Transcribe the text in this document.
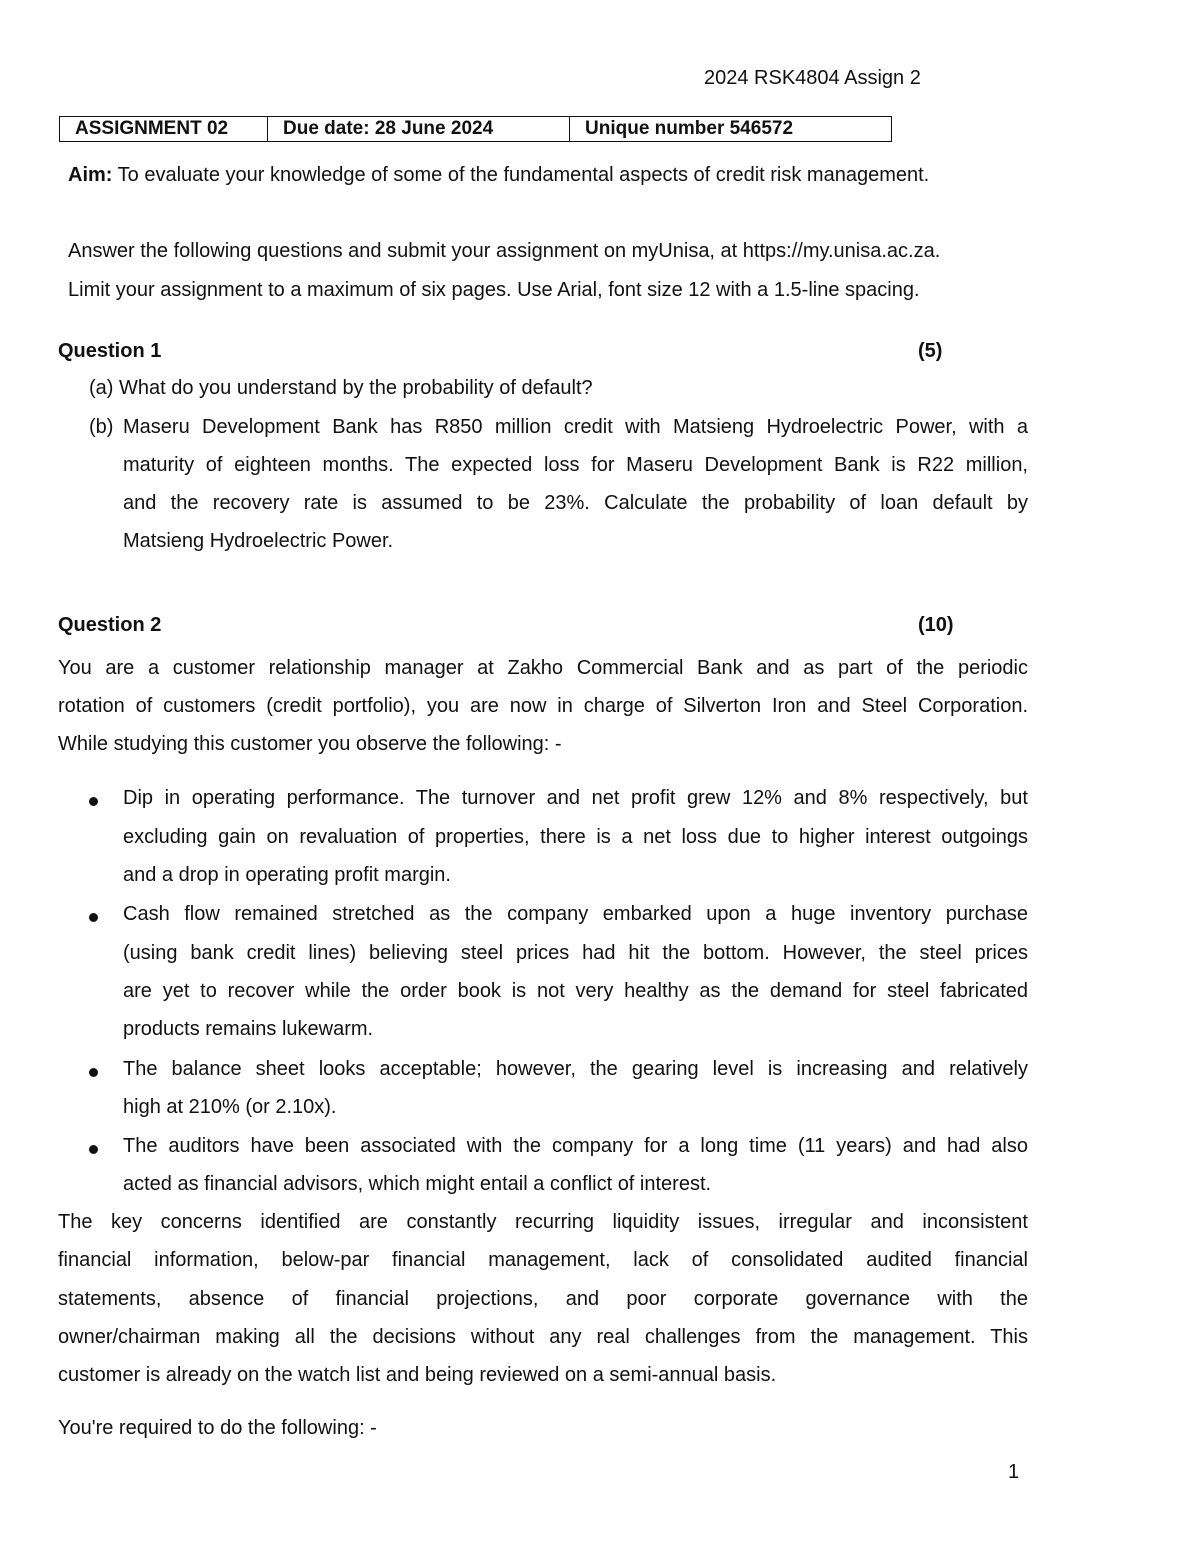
2024 RSK4804 Assign 2
ASSIGNMENT 02	Due date: 28 June 2024	Unique number 546572
Aim: To evaluate your knowledge of some of the fundamental aspects of credit risk management.
Answer the following questions and submit your assignment on myUnisa, at https://my.unisa.ac.za.
Limit your assignment to a maximum of six pages. Use Arial, font size 12 with a 1.5-line spacing.
Question 1	(5)
(a) What do you understand by the probability of default?
(b) Maseru Development Bank has R850 million credit with Matsieng Hydroelectric Power, with a
maturity of eighteen months. The expected loss for Maseru Development Bank is R22 million,
and the recovery rate is assumed to be 23%. Calculate the probability of loan default by
Matsieng Hydroelectric Power.
Question 2	(10)
You are a customer relationship manager at Zakho Commercial Bank and as part of the periodic
rotation of customers (credit portfolio), you are now in charge of Silverton Iron and Steel Corporation.
While studying this customer you observe the following: -
Dip in operating performance. The turnover and net profit grew 12% and 8% respectively, but
excluding gain on revaluation of properties, there is a net loss due to higher interest outgoings
and a drop in operating profit margin.
Cash flow remained stretched as the company embarked upon a huge inventory purchase
(using bank credit lines) believing steel prices had hit the bottom. However, the steel prices
are yet to recover while the order book is not very healthy as the demand for steel fabricated
products remains lukewarm.
The balance sheet looks acceptable; however, the gearing level is increasing and relatively
high at 210% (or 2.10x).
The auditors have been associated with the company for a long time (11 years) and had also
acted as financial advisors, which might entail a conflict of interest.
The key concerns identified are constantly recurring liquidity issues, irregular and inconsistent
financial information, below-par financial management, lack of consolidated audited financial
statements, absence of financial projections, and poor corporate governance with the
owner/chairman making all the decisions without any real challenges from the management. This
customer is already on the watch list and being reviewed on a semi-annual basis.
You're required to do the following: -
1
